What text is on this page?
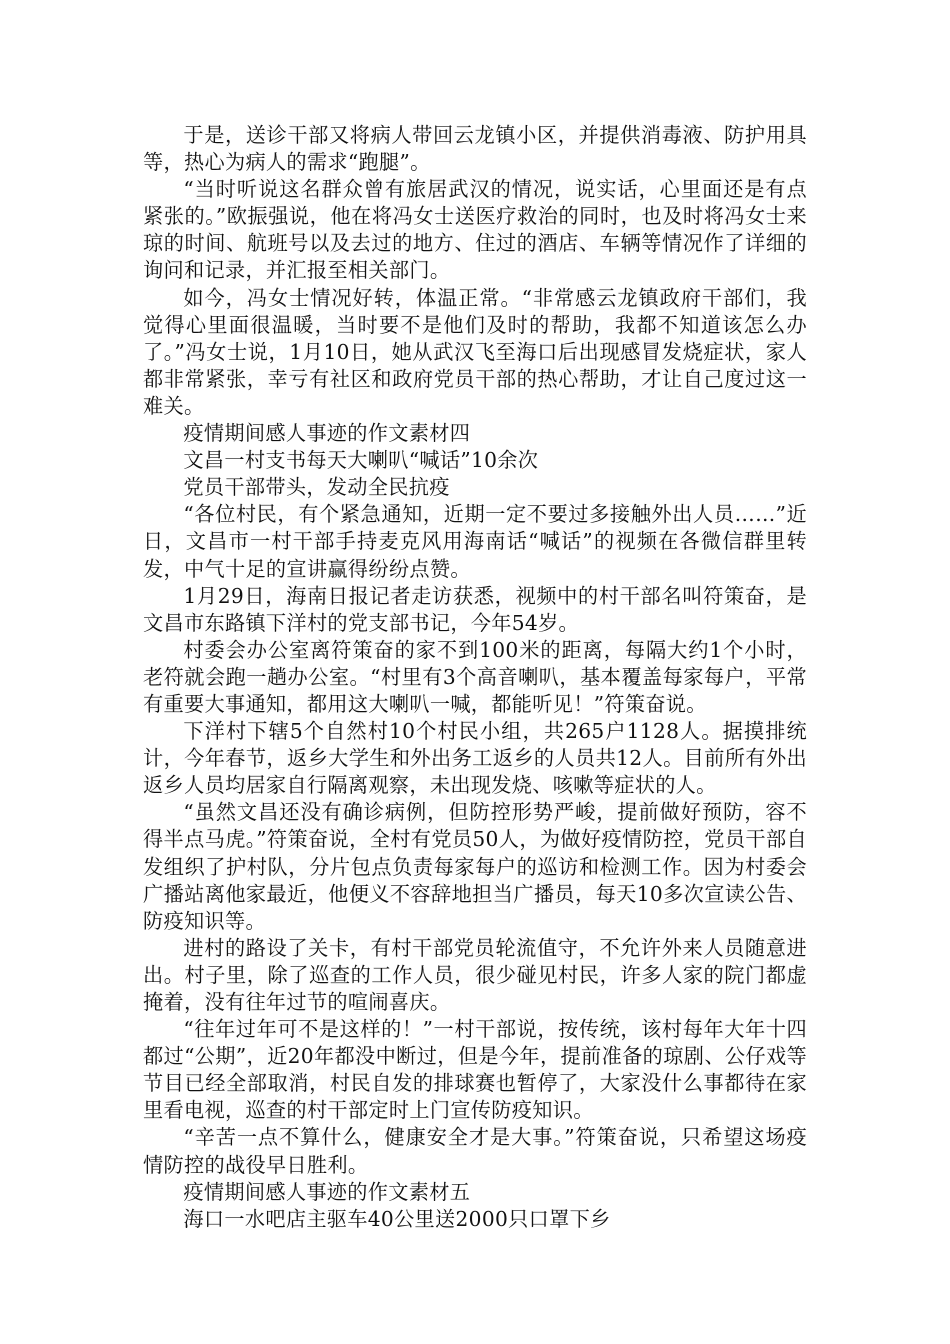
于是，送诊干部又将病人带回云龙镇小区，并提供消毒液、防护用具等，热心为病人的需求“跑腿”。

“当时听说这名群众曾有旅居武汉的情况，说实话，心里面还是有点紧张的。”欧振强说，他在将冯女士送医疗救治的同时，也及时将冯女士来琼的时间、航班号以及去过的地方、住过的酒店、车辆等情况作了详细的询问和记录，并汇报至相关部门。

如今，冯女士情况好转，体温正常。“非常感云龙镇政府干部们，我觉得心里面很温暖，当时要不是他们及时的帮助，我都不知道该怎么办了。”冯女士说，1月10日，她从武汉飞至海口后出现感冒发烧症状，家人都非常紧张，幸亏有社区和政府党员干部的热心帮助，才让自己度过这一难关。

疫情期间感人事迹的作文素材四

文昌一村支书每天大喇叭“喊话”10余次

党员干部带头，发动全民抗疫

“各位村民，有个紧急通知，近期一定不要过多接触外出人员……”近日，文昌市一村干部手持麦克风用海南话“喊话”的视频在各微信群里转发，中气十足的宣讲赢得纷纷点赞。

1月29日，海南日报记者走访获悉，视频中的村干部名叫符策奋，是文昌市东路镇下洋村的党支部书记，今年54岁。

村委会办公室离符策奋的家不到100米的距离，每隔大约1个小时，老符就会跑一趟办公室。“村里有3个高音喇叭，基本覆盖每家每户，平常有重要大事通知，都用这大喇叭一喊，都能听见！”符策奋说。

下洋村下辖5个自然村10个村民小组，共265户1128人。据摸排统计，今年春节，返乡大学生和外出务工返乡的人员共12人。目前所有外出返乡人员均居家自行隔离观察，未出现发烧、咳嗽等症状的人。

“虽然文昌还没有确诊病例，但防控形势严峻，提前做好预防，容不得半点马虎。”符策奋说，全村有党员50人，为做好疫情防控，党员干部自发组织了护村队，分片包点负责每家每户的巡访和检测工作。因为村委会广播站离他家最近，他便义不容辞地担当广播员，每天10多次宣读公告、防疫知识等。

进村的路设了关卡，有村干部党员轮流值守，不允许外来人员随意进出。村子里，除了巡查的工作人员，很少碰见村民，许多人家的院门都虚掩着，没有往年过节的喧闹喜庆。

“往年过年可不是这样的！”一村干部说，按传统，该村每年大年十四都过“公期”，近20年都没中断过，但是今年，提前准备的琼剧、公仔戏等节目已经全部取消，村民自发的排球赛也暂停了，大家没什么事都待在家里看电视，巡查的村干部定时上门宣传防疫知识。

“辛苦一点不算什么，健康安全才是大事。”符策奋说，只希望这场疫情防控的战役早日胜利。

疫情期间感人事迹的作文素材五

海口一水吧店主驱车40公里送2000只口罩下乡
